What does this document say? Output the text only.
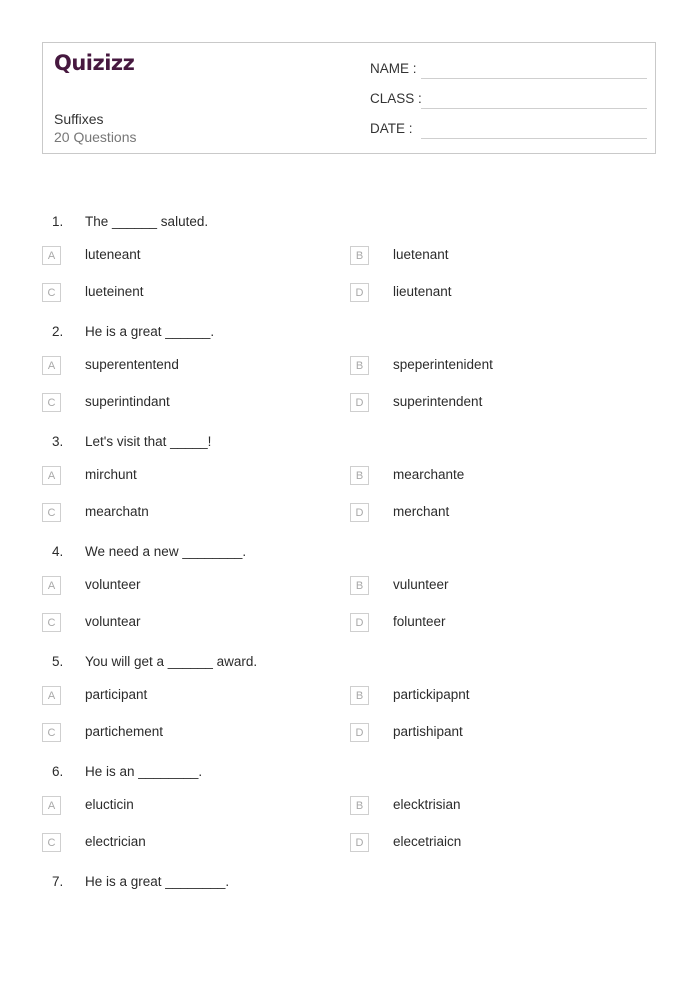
Quizizz
Suffixes
20 Questions
NAME :
CLASS :
DATE :
1. The ______ saluted.
A	luteneant	B	luetenant
C	lueteinent	D	lieutenant
2. He is a great ______.
A	superententend	B	speperintenident
C	superintindant	D	superintendent
3. Let's visit that _____!
A	mirchunt	B	mearchante
C	mearchatn	D	merchant
4. We need a new ________.
A	volunteer	B	vulunteer
C	voluntear	D	folunteer
5. You will get a ______ award.
A	participant	B	partickipapnt
C	partichement	D	partishipant
6. He is an ________.
A	elucticin	B	elecktrisian
C	electrician	D	elecetriaicn
7. He is a great ________.
